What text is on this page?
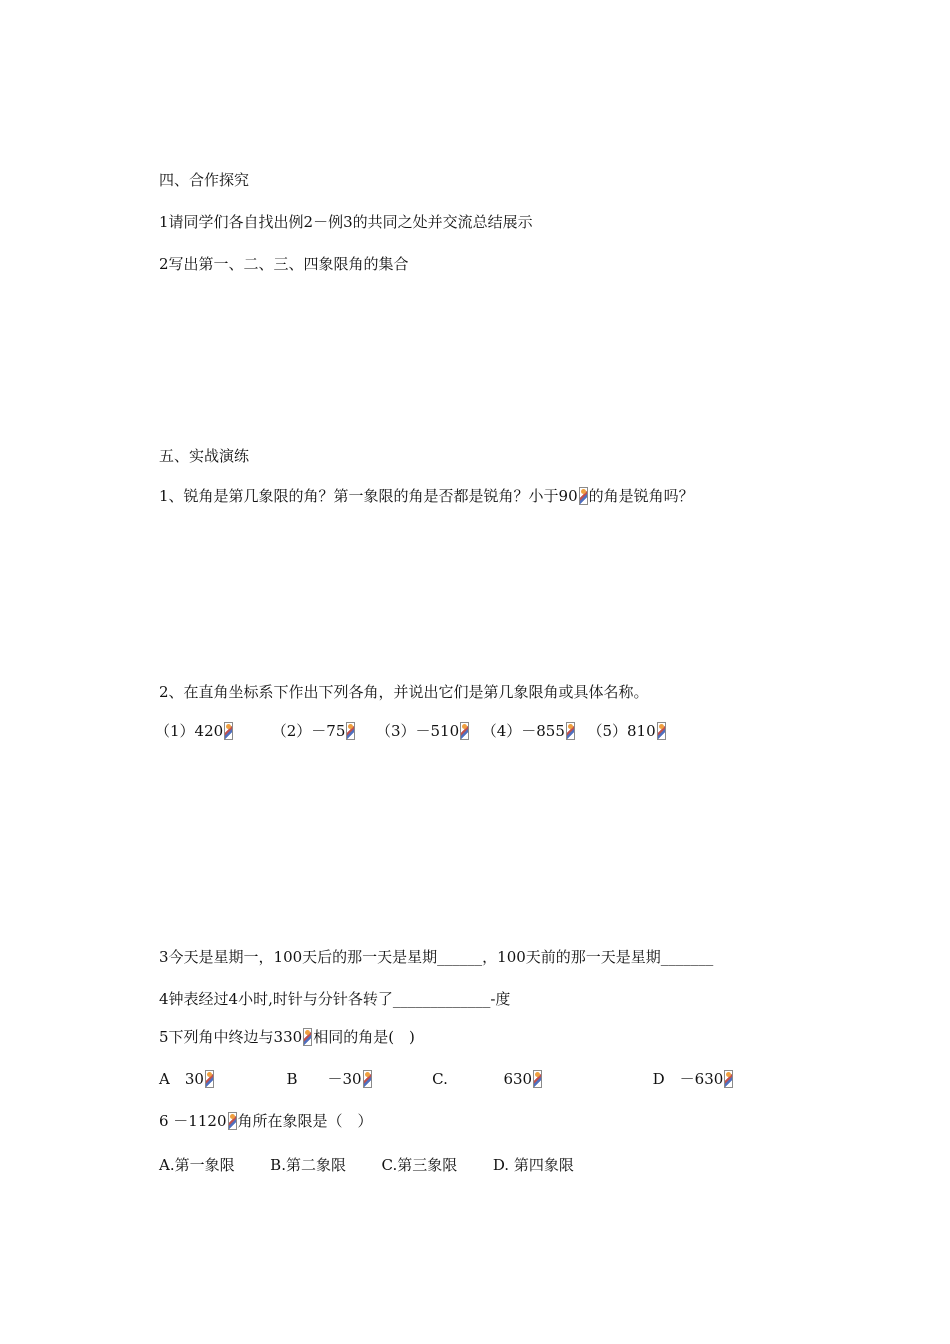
四、合作探究
1请同学们各自找出例2－例3的共同之处并交流总结展示
2写出第一、二、三、四象限角的集合
五、实战演练
1、锐角是第几象限的角？第一象限的角是否都是锐角？小于90 的角是锐角吗？
2、在直角坐标系下作出下列各角，并说出它们是第几象限角或具体名称。
（1）420	（2）－75 （3）－510 （4）－855 （5）810
3今天是星期一，100天后的那一天是星期______，100天前的那一天是星期_______
4钟表经过4小时,时针与分针各转了_____________-度
5下列角中终边与330 相同的角是(　)
A　30	B　　－30	C.	630	D　－630
6 －1120 角所在象限是（　）
A.第一象限 B.第二象限 C.第三象限 D. 第四象限
